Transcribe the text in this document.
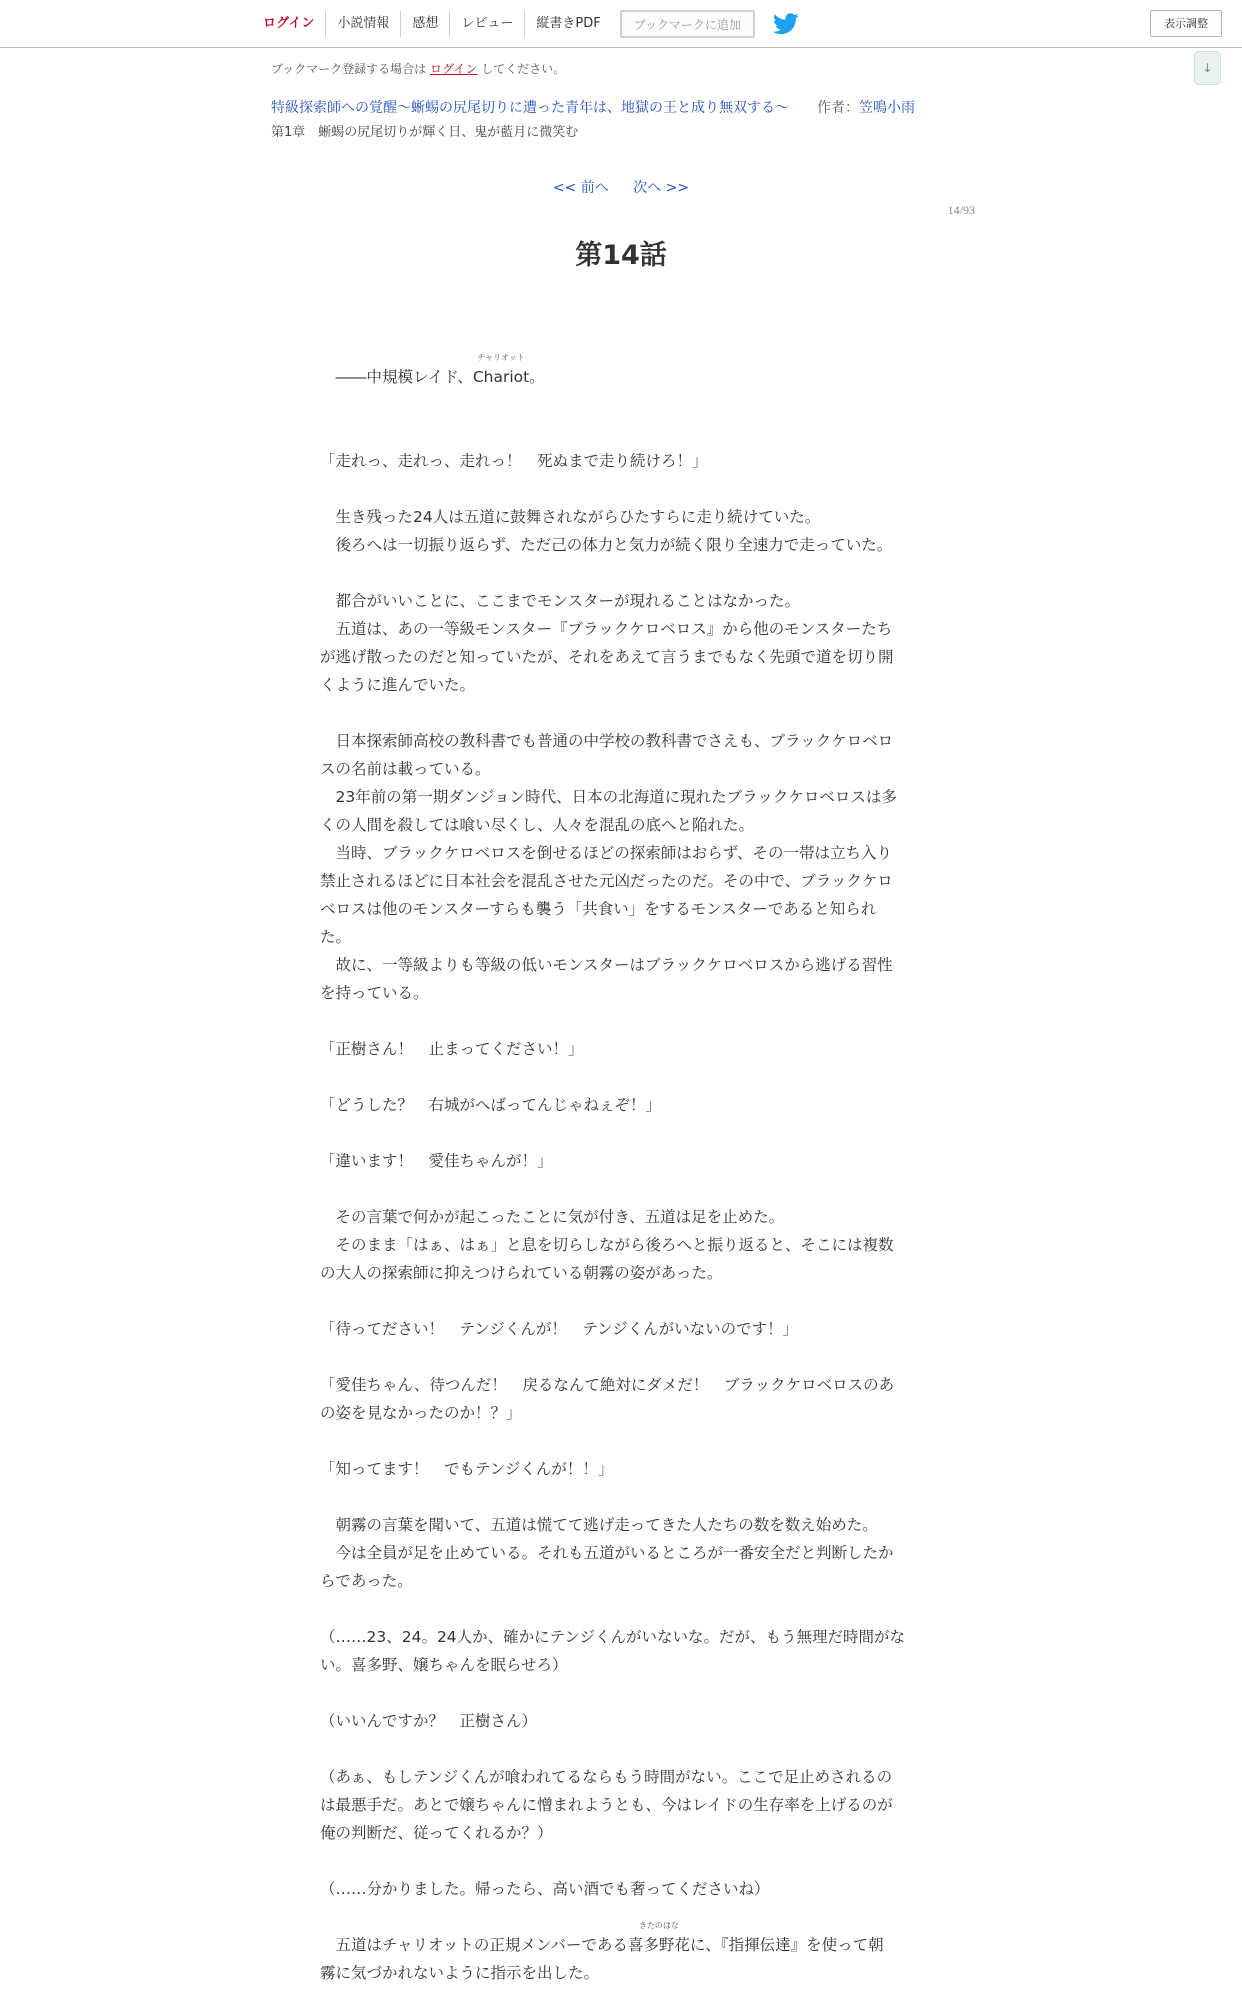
ログイン	小説情報	感想	レビュー	縦書きPDF	ブックマークに追加	表示調整
↓
ブックマーク登録する場合は ログイン してください。
特級探索師への覚醒～蜥蜴の尻尾切りに遭った青年は、地獄の王と成り無双する～ 作者：笠鳴小雨
第1章　蜥蜴の尻尾切りが輝く日、鬼が藍月に微笑む
<< 前へ 次へ >>
14/93
第14話
　――中規模レイド、
チャリオット
Chariot。
「走れっ、走れっ、走れっ！　死ぬまで走り続けろ！」
　生き残った24人は五道に鼓舞されながらひたすらに走り続けていた。
　後ろへは一切振り返らず、ただ己の体力と気力が続く限り全速力で走っていた。
　都合がいいことに、ここまでモンスターが現れることはなかった。
　五道は、あの一等級モンスター『ブラックケロベロス』から他のモンスターたち
が逃げ散ったのだと知っていたが、それをあえて言うまでもなく先頭で道を切り開
くように進んでいた。
　日本探索師高校の教科書でも普通の中学校の教科書でさえも、ブラックケロベロ
スの名前は載っている。
　23年前の第一期ダンジョン時代、日本の北海道に現れたブラックケロベロスは多
くの人間を殺しては喰い尽くし、人々を混乱の底へと陥れた。
　当時、ブラックケロベロスを倒せるほどの探索師はおらず、その一帯は立ち入り
禁止されるほどに日本社会を混乱させた元凶だったのだ。その中で、ブラックケロ
ベロスは他のモンスターすらも襲う「共食い」をするモンスターであると知られ
た。
　故に、一等級よりも等級の低いモンスターはブラックケロベロスから逃げる習性
を持っている。
「正樹さん！　止まってください！」
「どうした？　右城がへばってんじゃねぇぞ！」
「違います！　愛佳ちゃんが！」
　その言葉で何かが起こったことに気が付き、五道は足を止めた。
　そのまま「はぁ、はぁ」と息を切らしながら後ろへと振り返ると、そこには複数
の大人の探索師に抑えつけられている朝霧の姿があった。
「待ってださい！　テンジくんが！　テンジくんがいないのです！」
「愛佳ちゃん、待つんだ！　戻るなんて絶対にダメだ！　ブラックケロベロスのあ
の姿を見なかったのか！？」
「知ってます！　でもテンジくんが！！」
　朝霧の言葉を聞いて、五道は慌てて逃げ走ってきた人たちの数を数え始めた。
　今は全員が足を止めている。それも五道がいるところが一番安全だと判断したか
らであった。
（……23、24。24人か、確かにテンジくんがいないな。だが、もう無理だ時間がな
い。喜多野、嬢ちゃんを眠らせろ）
（いいんですか？　正樹さん）
（あぁ、もしテンジくんが喰われてるならもう時間がない。ここで足止めされるの
は最悪手だ。あとで嬢ちゃんに憎まれようとも、今はレイドの生存率を上げるのが
俺の判断だ、従ってくれるか？）
（……分かりました。帰ったら、高い酒でも奢ってくださいね）
　五道はチャリオットの正規メンバーである
きたのはな
喜多野花に、『指揮伝達』を使って朝
霧に気づかれないように指示を出した。
